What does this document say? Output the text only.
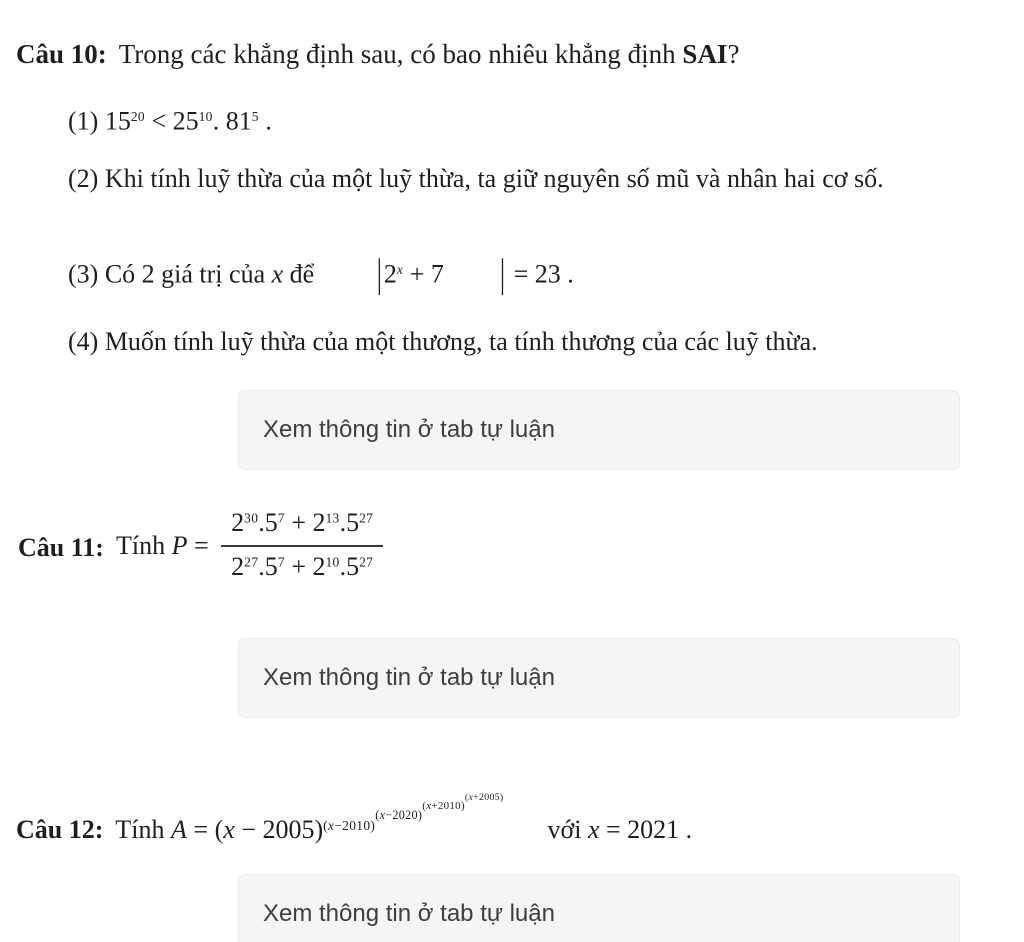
Câu 10: Trong các khẳng định sau, có bao nhiêu khẳng định SAI?
(1) $15^{20} < 25^{10}$. $81^5$ .
(2) Khi tính luỹ thừa của một luỹ thừa, ta giữ nguyên số mũ và nhân hai cơ số.
(3) Có 2 giá trị của x để $|2^x + 7$ | = 23 .
(4) Muốn tính luỹ thừa của một thương, ta tính thương của các luỹ thừa.
Xem thông tin ở tab tự luận
Câu 11: Tính $P = \frac{2^{30}.5^7 + 2^{13}.5^{27}}{2^{27}.5^7 + 2^{10}.5^{27}}$
Xem thông tin ở tab tự luận
Câu 12: Tính $A = (x - 2005)^{(x-2010)(x-2020)(x+2010)(x+2005)}$
với x = 2021 .
Xem thông tin ở tab tự luận
